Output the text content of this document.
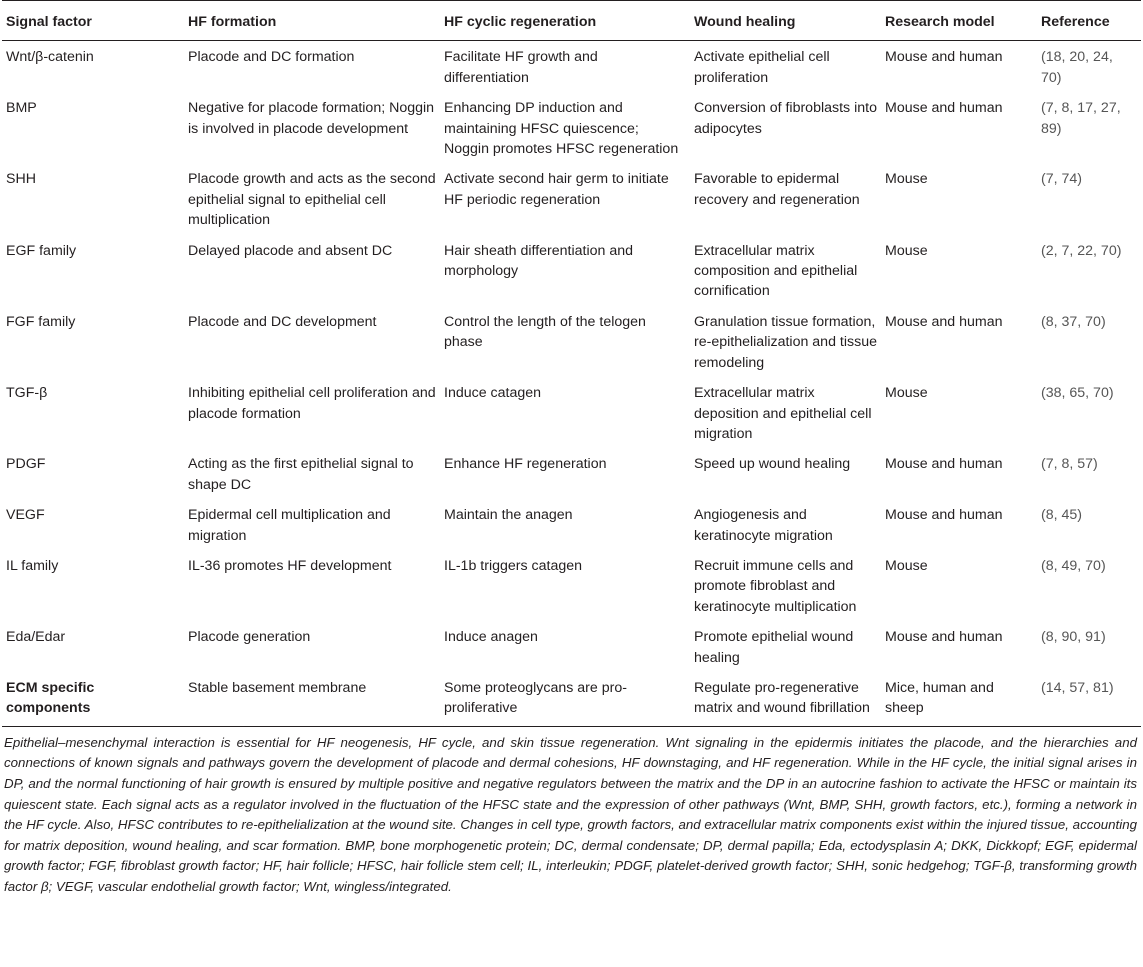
Signal factor	HF formation	HF cyclic regeneration	Wound healing	Research model	Reference
Wnt/β-catenin	Placode and DC formation	Facilitate HF growth and differentiation	Activate epithelial cell proliferation	Mouse and human	(18, 20, 24, 70)
BMP	Negative for placode formation; Noggin is involved in placode development	Enhancing DP induction and maintaining HFSC quiescence; Noggin promotes HFSC regeneration	Conversion of fibroblasts into adipocytes	Mouse and human	(7, 8, 17, 27, 89)
SHH	Placode growth and acts as the second epithelial signal to epithelial cell multiplication	Activate second hair germ to initiate HF periodic regeneration	Favorable to epidermal recovery and regeneration	Mouse	(7, 74)
EGF family	Delayed placode and absent DC	Hair sheath differentiation and morphology	Extracellular matrix composition and epithelial cornification	Mouse	(2, 7, 22, 70)
FGF family	Placode and DC development	Control the length of the telogen phase	Granulation tissue formation, re-epithelialization and tissue remodeling	Mouse and human	(8, 37, 70)
TGF-β	Inhibiting epithelial cell proliferation and placode formation	Induce catagen	Extracellular matrix deposition and epithelial cell migration	Mouse	(38, 65, 70)
PDGF	Acting as the first epithelial signal to shape DC	Enhance HF regeneration	Speed up wound healing	Mouse and human	(7, 8, 57)
VEGF	Epidermal cell multiplication and migration	Maintain the anagen	Angiogenesis and keratinocyte migration	Mouse and human	(8, 45)
IL family	IL-36 promotes HF development	IL-1b triggers catagen	Recruit immune cells and promote fibroblast and keratinocyte multiplication	Mouse	(8, 49, 70)
Eda/Edar	Placode generation	Induce anagen	Promote epithelial wound healing	Mouse and human	(8, 90, 91)
ECM specific components	Stable basement membrane	Some proteoglycans are pro-proliferative	Regulate pro-regenerative matrix and wound fibrillation	Mice, human and sheep	(14, 57, 81)

Epithelial–mesenchymal interaction is essential for HF neogenesis, HF cycle, and skin tissue regeneration. Wnt signaling in the epidermis initiates the placode, and the hierarchies and connections of known signals and pathways govern the development of placode and dermal cohesions, HF downstaging, and HF regeneration. While in the HF cycle, the initial signal arises in DP, and the normal functioning of hair growth is ensured by multiple positive and negative regulators between the matrix and the DP in an autocrine fashion to activate the HFSC or maintain its quiescent state. Each signal acts as a regulator involved in the fluctuation of the HFSC state and the expression of other pathways (Wnt, BMP, SHH, growth factors, etc.), forming a network in the HF cycle. Also, HFSC contributes to re-epithelialization at the wound site. Changes in cell type, growth factors, and extracellular matrix components exist within the injured tissue, accounting for matrix deposition, wound healing, and scar formation. BMP, bone morphogenetic protein; DC, dermal condensate; DP, dermal papilla; Eda, ectodysplasin A; DKK, Dickkopf; EGF, epidermal growth factor; FGF, fibroblast growth factor; HF, hair follicle; HFSC, hair follicle stem cell; IL, interleukin; PDGF, platelet-derived growth factor; SHH, sonic hedgehog; TGF-β, transforming growth factor β; VEGF, vascular endothelial growth factor; Wnt, wingless/integrated.
